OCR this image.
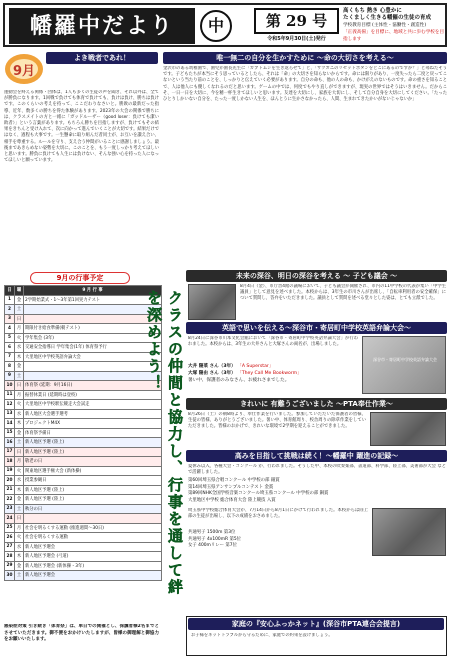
幡羅中だより	中	第 29 号
令和5年9月30日(土)発行
高くもち 熱き 心豊かに
たくましく生きる幡羅の生徒の育成
学校教育目標 (主体性・協働性・創造性)
「正義高揚」を目標に、地域と共に歩む学校を目指します
9月
よき戦者であれ！
運動会を終える関係・団体は、1人も多くの生徒の声を聞き、それ以外は、全てが勝負になります。1回戦で負けても体育で負けても、負けは負け、勝ちは負けです。このくらいの考えを持って、ここだわりなさいと。勝敗の最新だった指導、近年、数多くの勝ちを得た体験があります。2023年の大会の関係で勝ちには、クラスメイトの方と一緒に「ガッドルーザー（good loser：負けても潔い敗者）」という言葉があります。もちろん勝ちを目指しますが、負けてもその結果をきちんと受け入れて、次に向かって進んでいくことが大切です。結果だけではなく、過程も大事です。一生懸命に取り組んだ者同士が、お互いを讃え合い、相手を尊重する。ルールを守り、支え合う仲間がいることに感謝しましょう。最後まであきらめない姿勢を大切に。このことを、もう一度しっかり考えてほしいと思います。勝負に負けても人生には負けない、そんな強い心を持った人になってほしいと願っています。
9月の行事予定
日	曜	9 月 行 事
1	金	2学期始業式・1〜3年第1回実力テスト
2	土	
3	日	
4	月	期限付き給食準備(朝テスト)
5	火	学年集会 (3年)
6	水	交通安全指導日 学年集会(1年) 体育祭予行
7	木	大里地区中学校英語弁論大会
8	金	
9	土	
10	日	体育祭 (延期：9月16日)
11	月	振替休業日 (延期時は登校)
12	火	大里地区中学校駅伝競走大会試走
13	水	新人地区大会選手選考
14	木	プロジェクトM4X
15	金	体育祭予備日
16	土	新人地区予選 (陸上)
17	日	新人地区予選 (陸上)
18	月	敬老の日
19	火	関東地区選手権大会 (新体操)
20	水	授業参観日
21	木	新人地区予選 (陸上)
22	金	新人地区予選 (陸上)
23	土	秋分の日
24	日	
25	月	社会を明るくする運動 (推進週間〜30日)
26	火	社会を明るくする運動
27	水	新人地区予選会
28	木	新人地区予選会 (弓道)
29	金	新人地区予選会 (新体操・3年)
30	土	新人地区予選会	クラスの仲間と協力し、行事を通して絆を深めよう！
感染症対策 引き続き「体育祭」は、単日での開催とし、保護者様2名までとさせていただきます。御不便をおかけいたしますが、皆様の御理解と御協力をお願いいたします。
唯一無二の自分を生かすために 〜命の大切さを考える〜
金沢市のある幼稚園で、園児が園長先生に「カブトムシを生き返らせて」と、「サツガニのリセットボタンをどこにあるのですか？」と尋ねたそうです。子どもたちが本当にそう思っているとしたら、それは「命」の大切さを知らないからです。命には限りがあり、一度失ったら二度と戻ってこないという当たり前のことを、しっかりと伝えていく必要があります。自分の命も、他の人の命も、かけがえのないものです。命の重さを知ることで、人は他人にも優しくなれるのだと思います。ゲームの中では、何度でもやり直しができますが、現実の世界ではそうはいきません。だからこそ、一日一日を大切に、今を精一杯生きてほしいと思います。友達を大切にし、家族を大切にし、そして自分自身を大切にしてください。「たったひとりしかいない自分を、たった一度しかない人生を、ほんとうに生かさなかったら、人間、生まれてきたかいがないじゃないか」
未来の深谷、明日の深谷を考える 〜 子ども議会 〜
8月4日（金）、市庁舎4階の議場において、子ども議会が開催され、市内の11中学校の代表が集い「中学生議員」として意見を述べました。本校からは、3年生の市川さんが出席し、「自転車利用者の安全確保」について質問し、答弁をいただきました。議員として質問を述べる堂々とした姿は、とても立派でした。
英語で思いを伝える〜深谷市・寄居町中学校英語弁論大会〜
8月24日に深谷市川本文化会館において「深谷市・寄居町中学校英語弁論大会」が行われました。本校からは、3年生の大井さんと大塚さんの両名が、出場しました。
大井 陽菜 さん（3年） 「A Superstar」
大塚 陽由 さん（3年） 「They Call Me Bookworm」
暑い中、保護者のみなさん、お疲れさまでした。
深谷市・寄居町中学校英語弁論大会
きれいに 有難うございました 〜PTA奉仕作業〜
8月26日（土）の朝8時より、奉仕作業を行いました。参加していただいた保護者の皆様、生徒の皆様、ありがとうございました。暑い中、体育館周り、校舎周りの除草作業をしていただきました。皆様のおかげで、きれいな環境で2学期を迎えることができました。
高みを目指して挑戦は続く！〜幡羅中 躍進の記録〜
夏休み以入、各種大会・コンクール が、行われました。そうした中、本校の吹奏楽部、書道部、科学部、陸上部、美術部が大会 などで活躍しました。
第60回埼玉県合唱コンクール 中学校の部 銀賞
第14回埼玉県アンサンブルコンテスト 金賞
第89回NHK全国学校音楽コンクール埼玉県コンクール 中学校の部 銅賞
大里地区中学校 総合体育大会 陸上競技 入賞
埼玉県中学校総合体育大会が、7月14日から8月1日にかけて行われました。本校からは陸上部の生徒が出場し、以下の成績をおさめました。
共通男子 1500m 第3位
共通男子 4x100mR 第5位
女子 400mリレー 第7位
家庭の『安心ふっかネット』(深谷市PTA連合会提言)
お子様をネットトラブルから守るために、家庭での約束を設けましょう。
